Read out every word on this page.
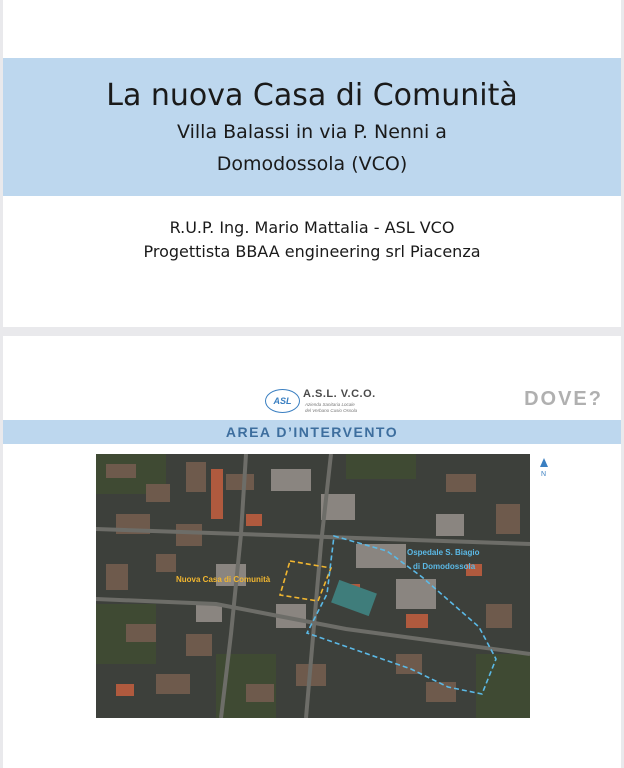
La nuova Casa di Comunità
Villa Balassi in via P. Nenni a
Domodossola (VCO)
R.U.P. Ing. Mario Mattalia - ASL VCO
Progettista BBAA engineering srl Piacenza
ASL
A.S.L. V.C.O.
Azienda Sanitaria Locale
del Verbano Cusio Ossola
DOVE?
AREA D’INTERVENTO
Nuova Casa di Comunità
Ospedale S. Biagio
di Domodossola
N
